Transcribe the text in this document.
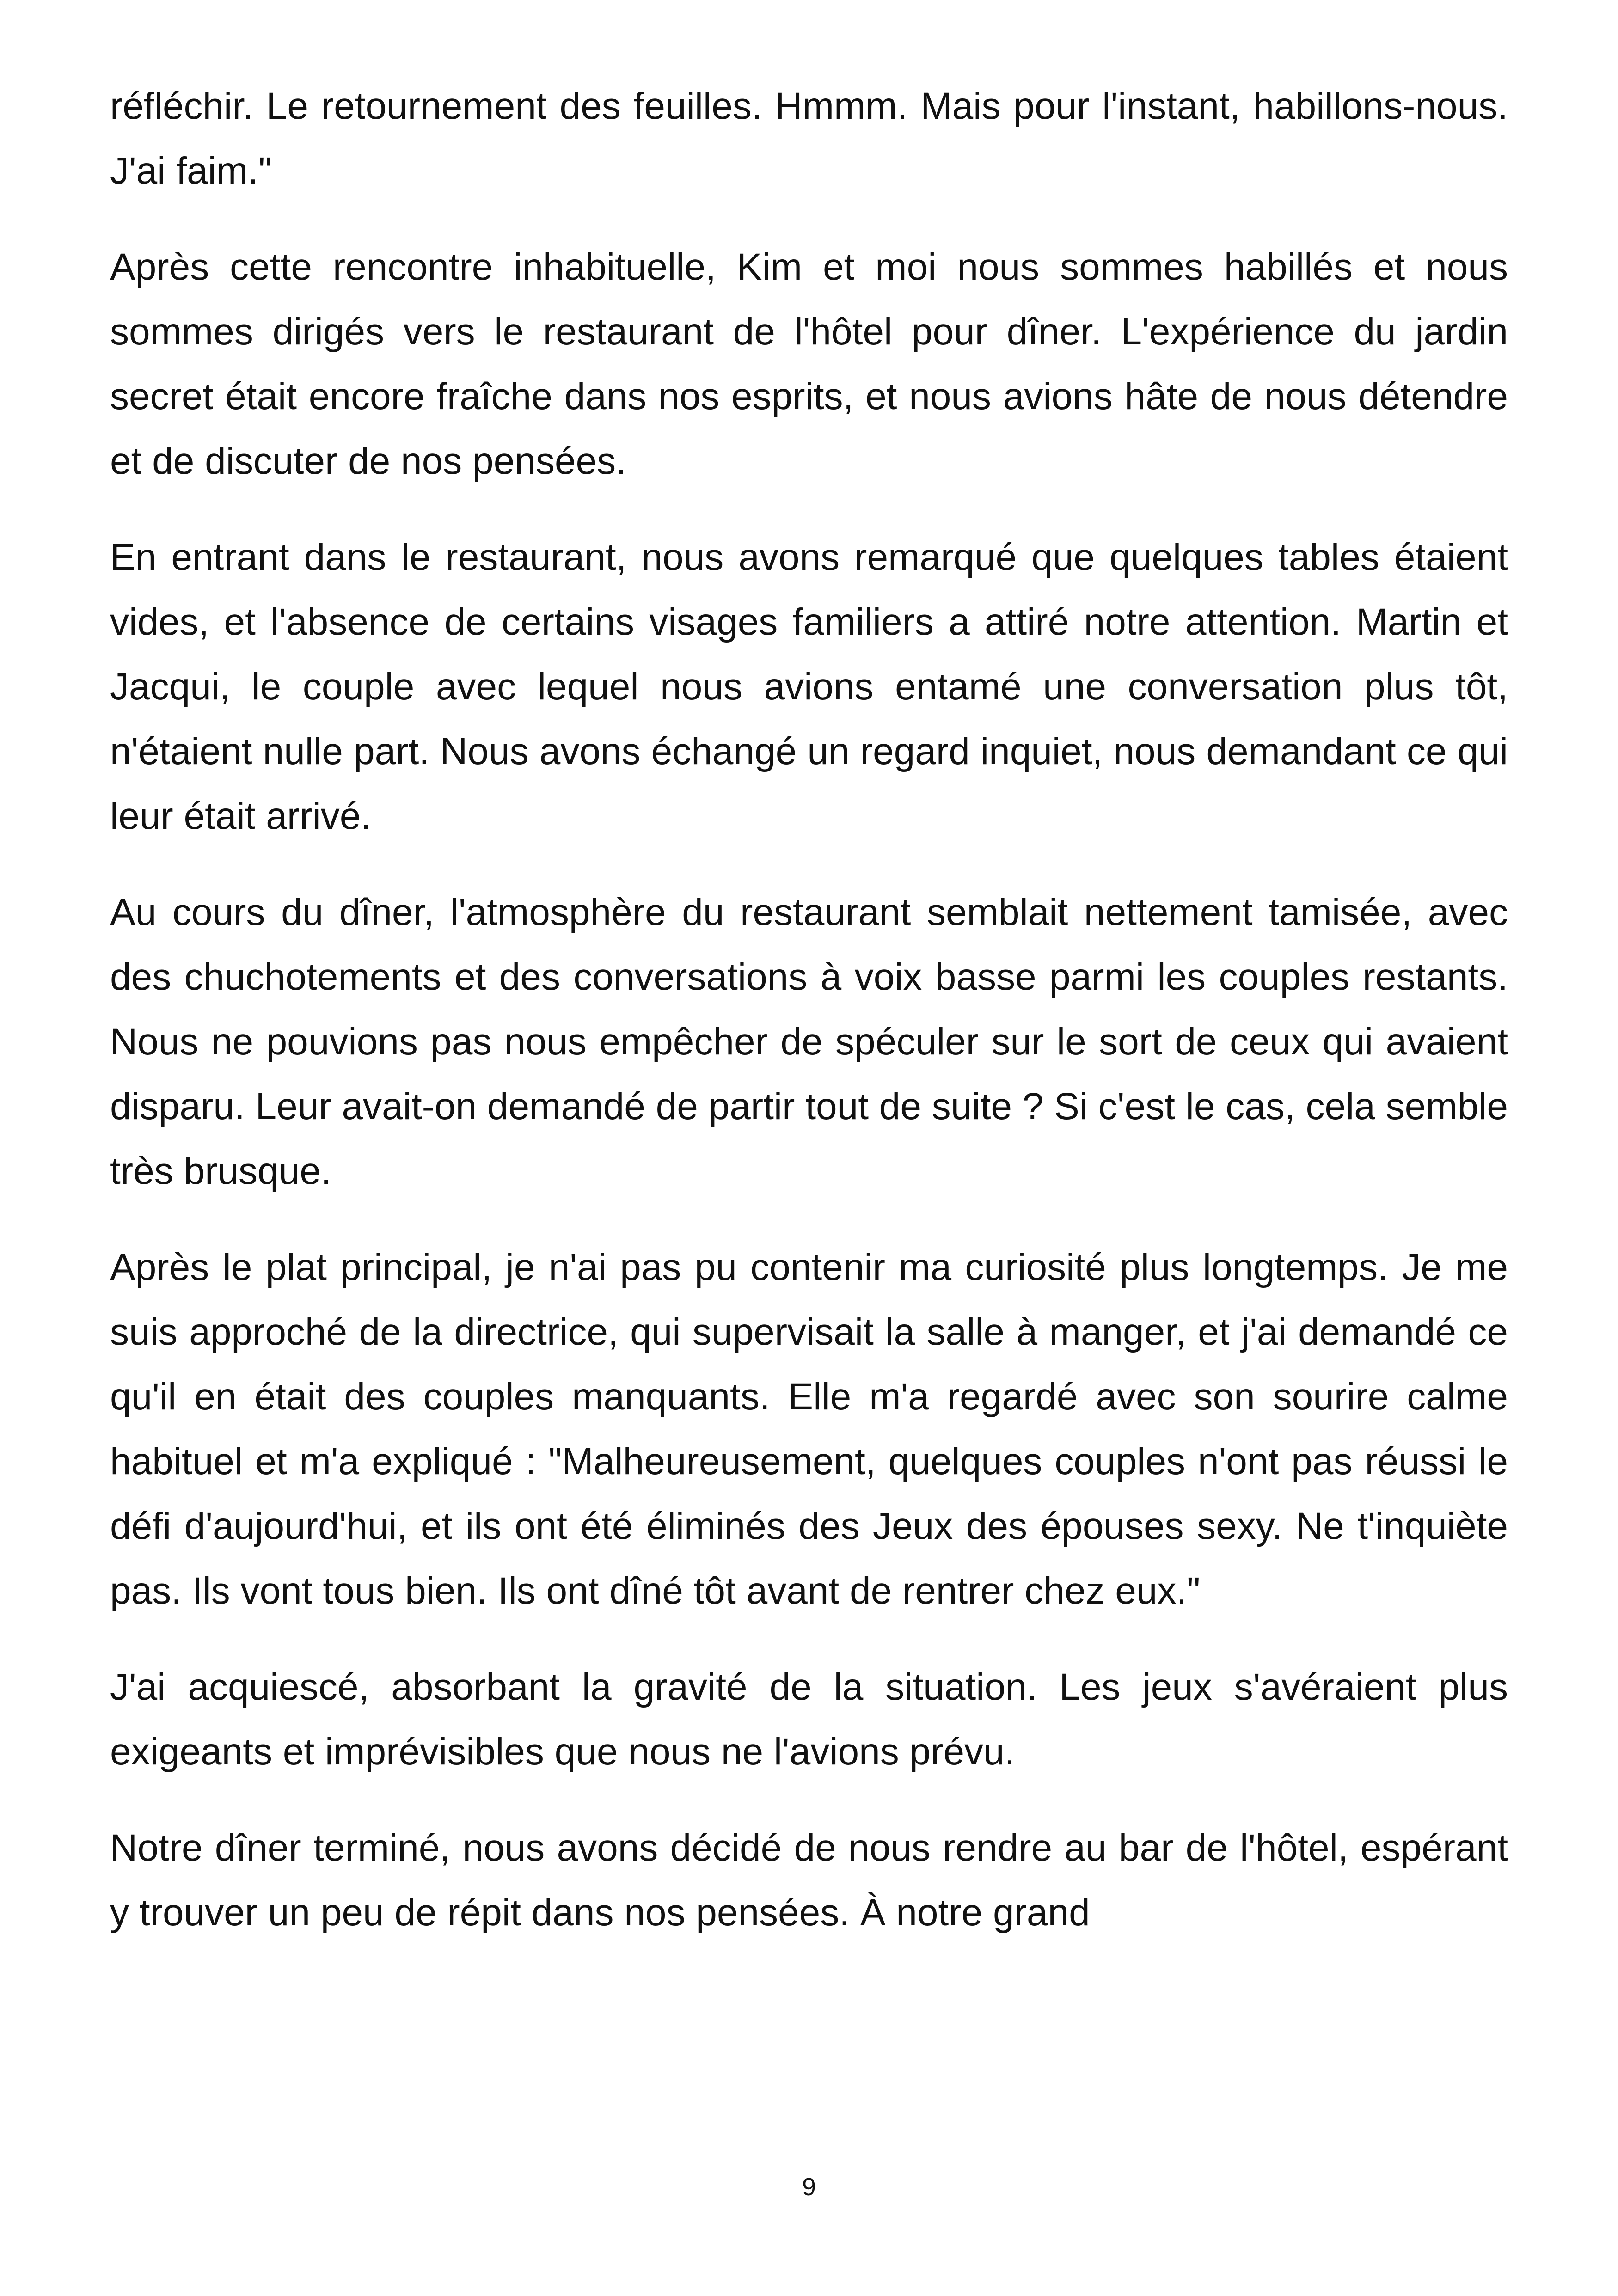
réfléchir. Le retournement des feuilles. Hmmm. Mais pour l'instant, habillons-nous. J'ai faim."

Après cette rencontre inhabituelle, Kim et moi nous sommes habillés et nous sommes dirigés vers le restaurant de l'hôtel pour dîner. L'expérience du jardin secret était encore fraîche dans nos esprits, et nous avions hâte de nous détendre et de discuter de nos pensées.

En entrant dans le restaurant, nous avons remarqué que quelques tables étaient vides, et l'absence de certains visages familiers a attiré notre attention. Martin et Jacqui, le couple avec lequel nous avions entamé une conversation plus tôt, n'étaient nulle part. Nous avons échangé un regard inquiet, nous demandant ce qui leur était arrivé.

Au cours du dîner, l'atmosphère du restaurant semblait nettement tamisée, avec des chuchotements et des conversations à voix basse parmi les couples restants. Nous ne pouvions pas nous empêcher de spéculer sur le sort de ceux qui avaient disparu. Leur avait-on demandé de partir tout de suite ? Si c'est le cas, cela semble très brusque.

Après le plat principal, je n'ai pas pu contenir ma curiosité plus longtemps. Je me suis approché de la directrice, qui supervisait la salle à manger, et j'ai demandé ce qu'il en était des couples manquants. Elle m'a regardé avec son sourire calme habituel et m'a expliqué : "Malheureusement, quelques couples n'ont pas réussi le défi d'aujourd'hui, et ils ont été éliminés des Jeux des épouses sexy. Ne t'inquiète pas. Ils vont tous bien. Ils ont dîné tôt avant de rentrer chez eux."

J'ai acquiescé, absorbant la gravité de la situation. Les jeux s'avéraient plus exigeants et imprévisibles que nous ne l'avions prévu.

Notre dîner terminé, nous avons décidé de nous rendre au bar de l'hôtel, espérant y trouver un peu de répit dans nos pensées. À notre grand

9
